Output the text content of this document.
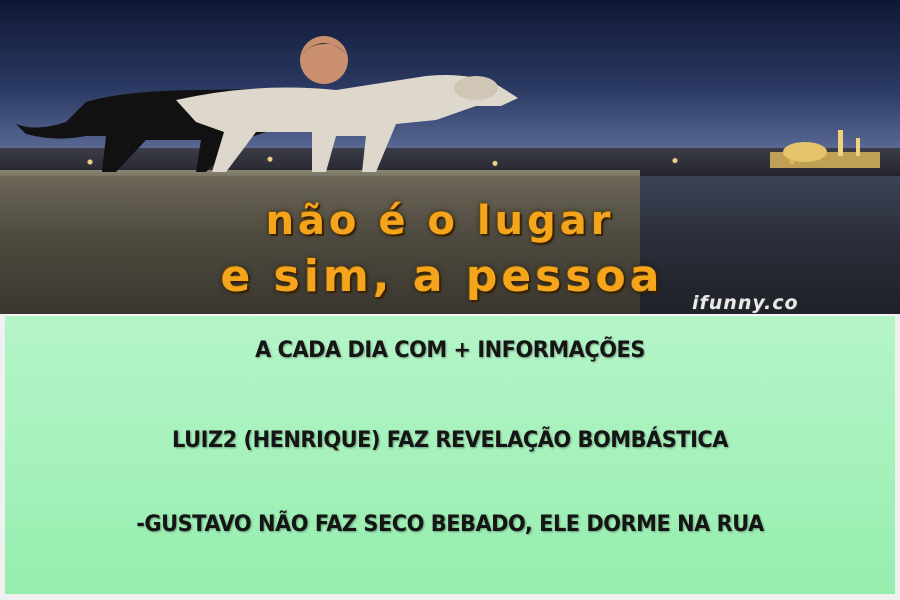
não é o lugar
e sim, a pessoa
ifunny.co
A CADA DIA COM + INFORMAÇÕES
LUIZ2 (HENRIQUE) FAZ REVELAÇÃO BOMBÁSTICA
-GUSTAVO NÃO FAZ SECO BEBADO, ELE DORME NA RUA
